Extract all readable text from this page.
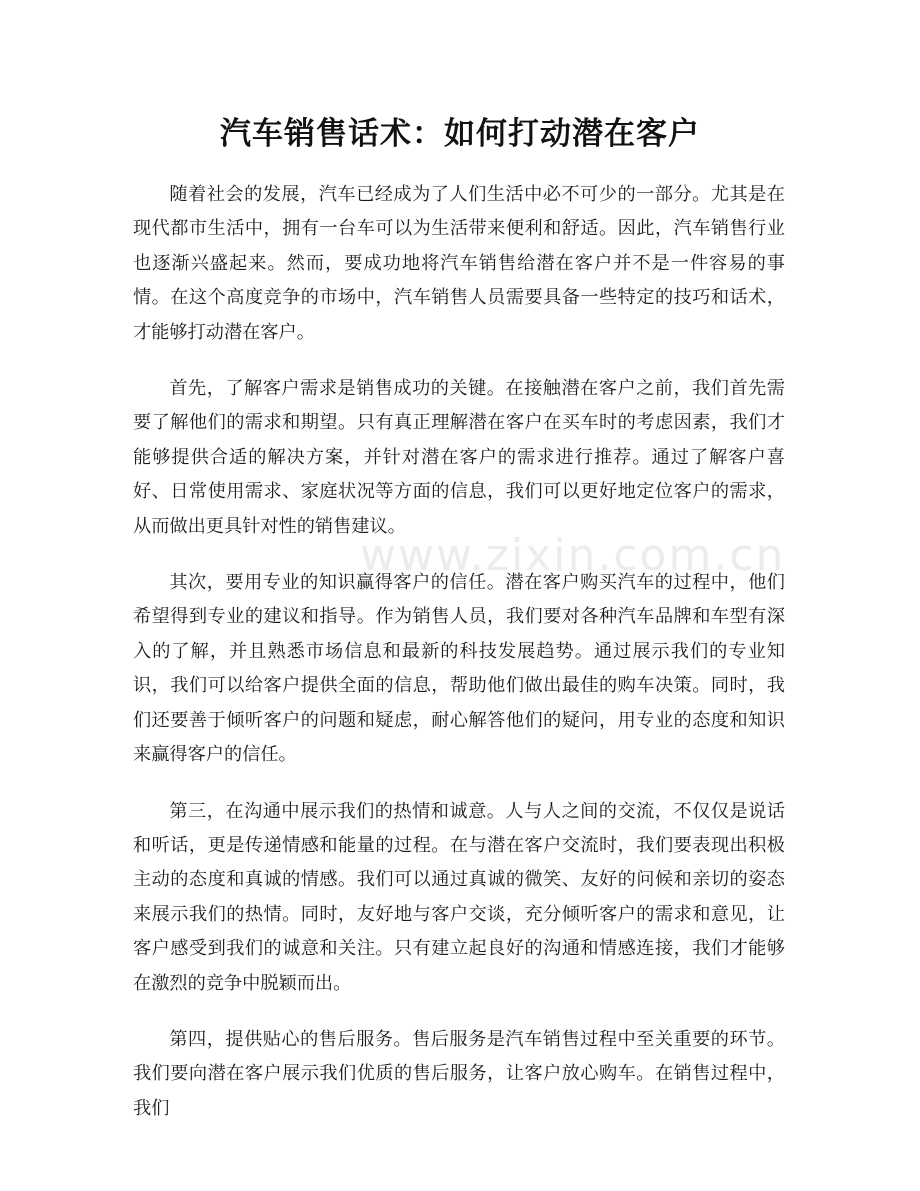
汽车销售话术：如何打动潜在客户
www.zixin.com.cn

随着社会的发展，汽车已经成为了人们生活中必不可少的一部分。尤其是在现代都市生活中，拥有一台车可以为生活带来便利和舒适。因此，汽车销售行业也逐渐兴盛起来。然而，要成功地将汽车销售给潜在客户并不是一件容易的事情。在这个高度竞争的市场中，汽车销售人员需要具备一些特定的技巧和话术，才能够打动潜在客户。

首先，了解客户需求是销售成功的关键。在接触潜在客户之前，我们首先需要了解他们的需求和期望。只有真正理解潜在客户在买车时的考虑因素，我们才能够提供合适的解决方案，并针对潜在客户的需求进行推荐。通过了解客户喜好、日常使用需求、家庭状况等方面的信息，我们可以更好地定位客户的需求，从而做出更具针对性的销售建议。

其次，要用专业的知识赢得客户的信任。潜在客户购买汽车的过程中，他们希望得到专业的建议和指导。作为销售人员，我们要对各种汽车品牌和车型有深入的了解，并且熟悉市场信息和最新的科技发展趋势。通过展示我们的专业知识，我们可以给客户提供全面的信息，帮助他们做出最佳的购车决策。同时，我们还要善于倾听客户的问题和疑虑，耐心解答他们的疑问，用专业的态度和知识来赢得客户的信任。

第三，在沟通中展示我们的热情和诚意。人与人之间的交流，不仅仅是说话和听话，更是传递情感和能量的过程。在与潜在客户交流时，我们要表现出积极主动的态度和真诚的情感。我们可以通过真诚的微笑、友好的问候和亲切的姿态来展示我们的热情。同时，友好地与客户交谈，充分倾听客户的需求和意见，让客户感受到我们的诚意和关注。只有建立起良好的沟通和情感连接，我们才能够在激烈的竞争中脱颖而出。

第四，提供贴心的售后服务。售后服务是汽车销售过程中至关重要的环节。我们要向潜在客户展示我们优质的售后服务，让客户放心购车。在销售过程中，我们
